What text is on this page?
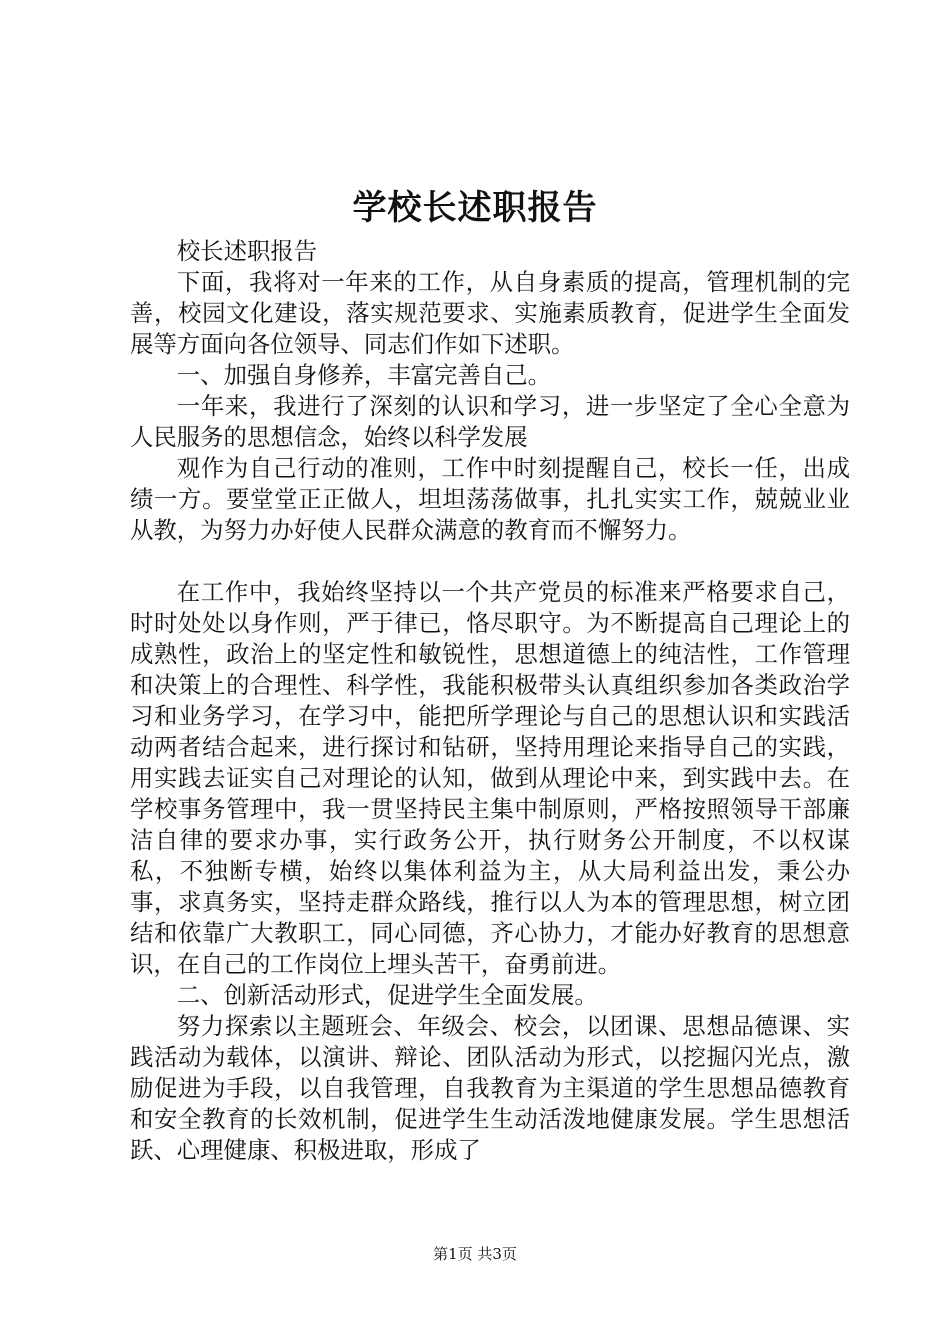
学校长述职报告

校长述职报告

下面，我将对一年来的工作，从自身素质的提高，管理机制的完善，校园文化建设，落实规范要求、实施素质教育，促进学生全面发展等方面向各位领导、同志们作如下述职。

一、加强自身修养，丰富完善自己。

一年来，我进行了深刻的认识和学习，进一步坚定了全心全意为人民服务的思想信念，始终以科学发展

观作为自己行动的准则，工作中时刻提醒自己，校长一任，出成绩一方。要堂堂正正做人，坦坦荡荡做事，扎扎实实工作，兢兢业业从教，为努力办好使人民群众满意的教育而不懈努力。

在工作中，我始终坚持以一个共产党员的标准来严格要求自己，时时处处以身作则，严于律已，恪尽职守。为不断提高自己理论上的成熟性，政治上的坚定性和敏锐性，思想道德上的纯洁性，工作管理和决策上的合理性、科学性，我能积极带头认真组织参加各类政治学习和业务学习，在学习中，能把所学理论与自己的思想认识和实践活动两者结合起来，进行探讨和钻研，坚持用理论来指导自己的实践，用实践去证实自己对理论的认知，做到从理论中来，到实践中去。在学校事务管理中，我一贯坚持民主集中制原则，严格按照领导干部廉洁自律的要求办事，实行政务公开，执行财务公开制度，不以权谋私，不独断专横，始终以集体利益为主，从大局利益出发，秉公办事，求真务实，坚持走群众路线，推行以人为本的管理思想，树立团结和依靠广大教职工，同心同德，齐心协力，才能办好教育的思想意识，在自己的工作岗位上埋头苦干，奋勇前进。

二、创新活动形式，促进学生全面发展。

努力探索以主题班会、年级会、校会，以团课、思想品德课、实践活动为载体，以演讲、辩论、团队活动为形式，以挖掘闪光点，激励促进为手段，以自我管理，自我教育为主渠道的学生思想品德教育和安全教育的长效机制，促进学生生动活泼地健康发展。学生思想活跃、心理健康、积极进取，形成了

第1页 共3页
